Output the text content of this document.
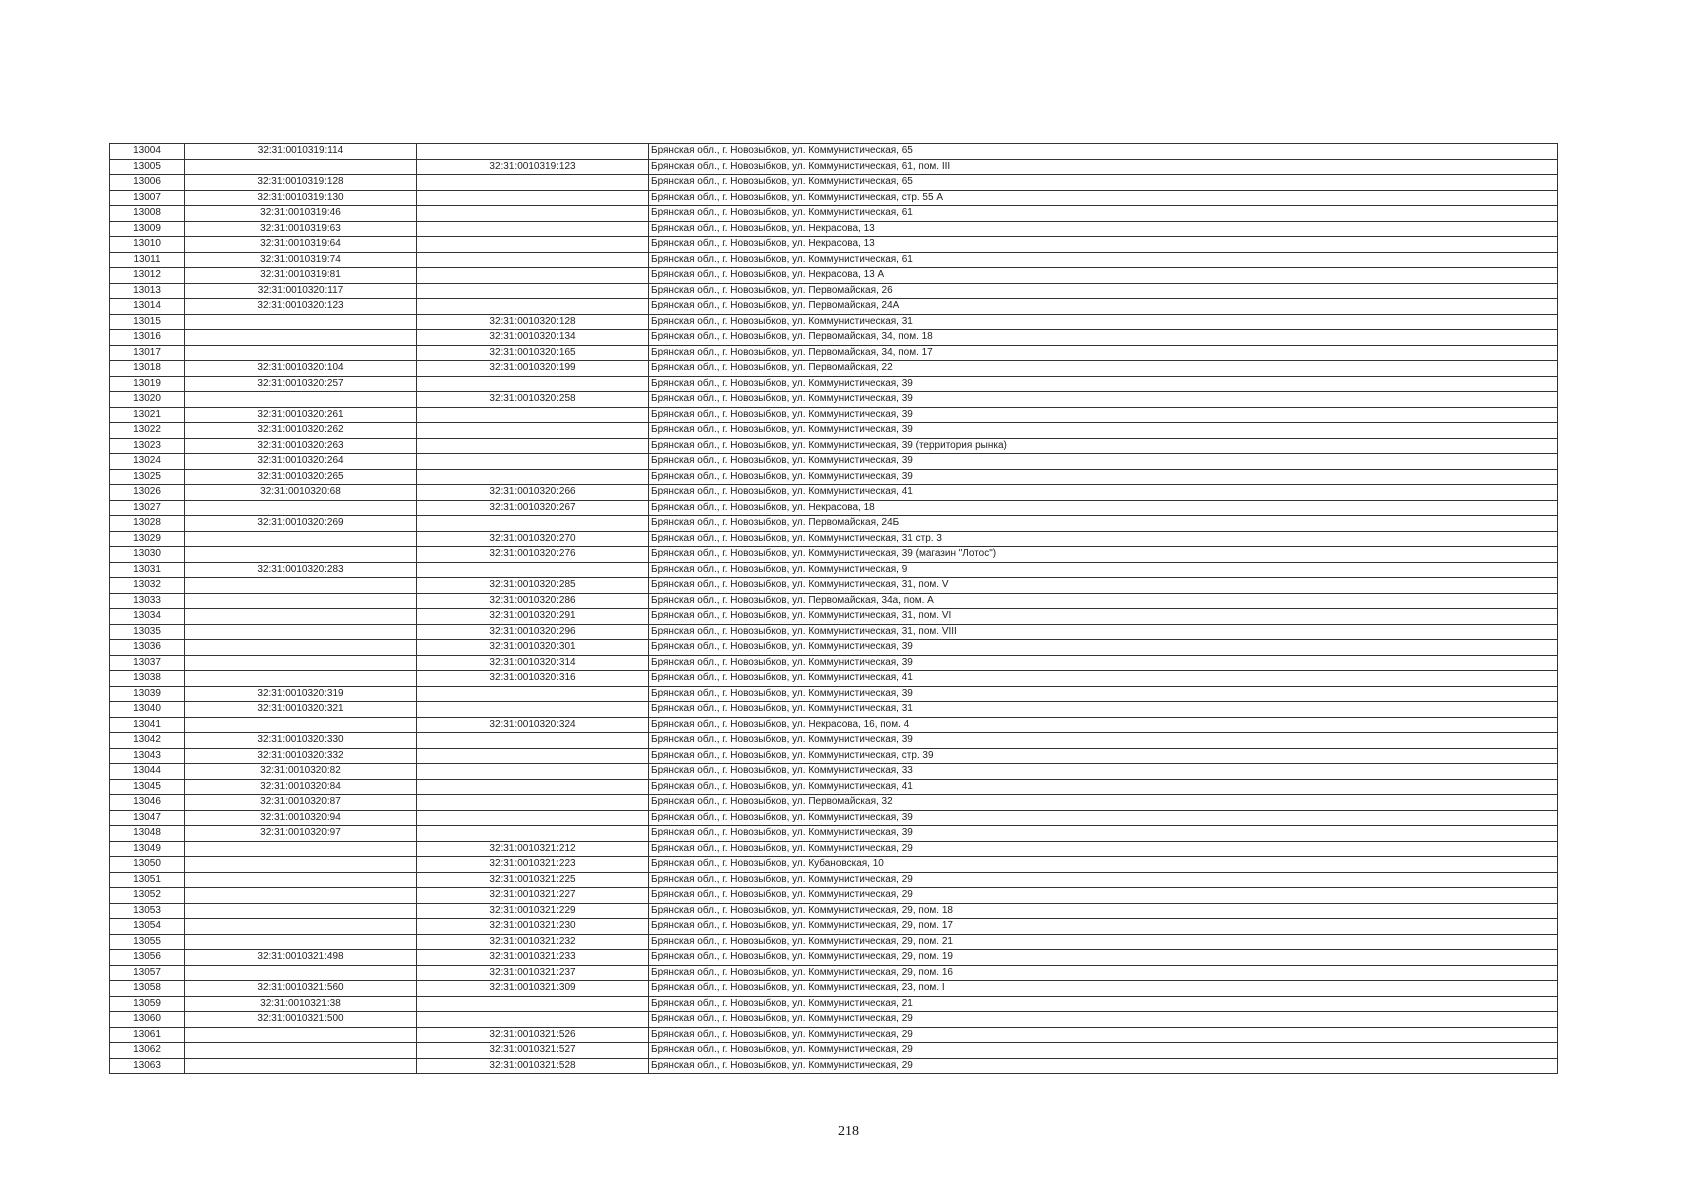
13004	32:31:0010319:114		Брянская обл., г. Новозыбков, ул. Коммунистическая, 65
13005		32:31:0010319:123	Брянская обл., г. Новозыбков, ул. Коммунистическая, 61, пом. III
13006	32:31:0010319:128		Брянская обл., г. Новозыбков, ул. Коммунистическая, 65
13007	32:31:0010319:130		Брянская обл., г. Новозыбков, ул. Коммунистическая, стр. 55 А
13008	32:31:0010319:46		Брянская обл., г. Новозыбков, ул. Коммунистическая, 61
13009	32:31:0010319:63		Брянская обл., г. Новозыбков, ул. Некрасова, 13
13010	32:31:0010319:64		Брянская обл., г. Новозыбков, ул. Некрасова, 13
13011	32:31:0010319:74		Брянская обл., г. Новозыбков, ул. Коммунистическая, 61
13012	32:31:0010319:81		Брянская обл., г. Новозыбков, ул. Некрасова, 13 А
13013	32:31:0010320:117		Брянская обл., г. Новозыбков, ул. Первомайская, 26
13014	32:31:0010320:123		Брянская обл., г. Новозыбков, ул. Первомайская, 24А
13015		32:31:0010320:128	Брянская обл., г. Новозыбков, ул. Коммунистическая, 31
13016		32:31:0010320:134	Брянская обл., г. Новозыбков, ул. Первомайская, 34, пом. 18
13017		32:31:0010320:165	Брянская обл., г. Новозыбков, ул. Первомайская, 34, пом. 17
13018	32:31:0010320:104	32:31:0010320:199	Брянская обл., г. Новозыбков, ул. Первомайская, 22
13019	32:31:0010320:257		Брянская обл., г. Новозыбков, ул. Коммунистическая, 39
13020		32:31:0010320:258	Брянская обл., г. Новозыбков, ул. Коммунистическая, 39
13021	32:31:0010320:261		Брянская обл., г. Новозыбков, ул. Коммунистическая, 39
13022	32:31:0010320:262		Брянская обл., г. Новозыбков, ул. Коммунистическая, 39
13023	32:31:0010320:263		Брянская обл., г. Новозыбков, ул. Коммунистическая, 39 (территория рынка)
13024	32:31:0010320:264		Брянская обл., г. Новозыбков, ул. Коммунистическая, 39
13025	32:31:0010320:265		Брянская обл., г. Новозыбков, ул. Коммунистическая, 39
13026	32:31:0010320:68	32:31:0010320:266	Брянская обл., г. Новозыбков, ул. Коммунистическая, 41
13027		32:31:0010320:267	Брянская обл., г. Новозыбков, ул. Некрасова, 18
13028	32:31:0010320:269		Брянская обл., г. Новозыбков, ул. Первомайская, 24Б
13029		32:31:0010320:270	Брянская обл., г. Новозыбков, ул. Коммунистическая, 31 стр. 3
13030		32:31:0010320:276	Брянская обл., г. Новозыбков, ул. Коммунистическая, 39 (магазин "Лотос")
13031	32:31:0010320:283		Брянская обл., г. Новозыбков, ул. Коммунистическая, 9
13032		32:31:0010320:285	Брянская обл., г. Новозыбков, ул. Коммунистическая, 31, пом. V
13033		32:31:0010320:286	Брянская обл., г. Новозыбков, ул. Первомайская, 34а, пом. А
13034		32:31:0010320:291	Брянская обл., г. Новозыбков, ул. Коммунистическая, 31, пом. VI
13035		32:31:0010320:296	Брянская обл., г. Новозыбков, ул. Коммунистическая, 31, пом. VIII
13036		32:31:0010320:301	Брянская обл., г. Новозыбков, ул. Коммунистическая, 39
13037		32:31:0010320:314	Брянская обл., г. Новозыбков, ул. Коммунистическая, 39
13038		32:31:0010320:316	Брянская обл., г. Новозыбков, ул. Коммунистическая, 41
13039	32:31:0010320:319		Брянская обл., г. Новозыбков, ул. Коммунистическая, 39
13040	32:31:0010320:321		Брянская обл., г. Новозыбков, ул. Коммунистическая, 31
13041		32:31:0010320:324	Брянская обл., г. Новозыбков, ул. Некрасова, 16, пом. 4
13042	32:31:0010320:330		Брянская обл., г. Новозыбков, ул. Коммунистическая, 39
13043	32:31:0010320:332		Брянская обл., г. Новозыбков, ул. Коммунистическая, стр. 39
13044	32:31:0010320:82		Брянская обл., г. Новозыбков, ул. Коммунистическая, 33
13045	32:31:0010320:84		Брянская обл., г. Новозыбков, ул. Коммунистическая, 41
13046	32:31:0010320:87		Брянская обл., г. Новозыбков, ул. Первомайская, 32
13047	32:31:0010320:94		Брянская обл., г. Новозыбков, ул. Коммунистическая, 39
13048	32:31:0010320:97		Брянская обл., г. Новозыбков, ул. Коммунистическая, 39
13049		32:31:0010321:212	Брянская обл., г. Новозыбков, ул. Коммунистическая, 29
13050		32:31:0010321:223	Брянская обл., г. Новозыбков, ул. Кубановская, 10
13051		32:31:0010321:225	Брянская обл., г. Новозыбков, ул. Коммунистическая, 29
13052		32:31:0010321:227	Брянская обл., г. Новозыбков, ул. Коммунистическая, 29
13053		32:31:0010321:229	Брянская обл., г. Новозыбков, ул. Коммунистическая, 29, пом. 18
13054		32:31:0010321:230	Брянская обл., г. Новозыбков, ул. Коммунистическая, 29, пом. 17
13055		32:31:0010321:232	Брянская обл., г. Новозыбков, ул. Коммунистическая, 29, пом. 21
13056	32:31:0010321:498	32:31:0010321:233	Брянская обл., г. Новозыбков, ул. Коммунистическая, 29, пом. 19
13057		32:31:0010321:237	Брянская обл., г. Новозыбков, ул. Коммунистическая, 29, пом. 16
13058	32:31:0010321:560	32:31:0010321:309	Брянская обл., г. Новозыбков, ул. Коммунистическая, 23, пом. I
13059	32:31:0010321:38		Брянская обл., г. Новозыбков, ул. Коммунистическая, 21
13060	32:31:0010321:500		Брянская обл., г. Новозыбков, ул. Коммунистическая, 29
13061		32:31:0010321:526	Брянская обл., г. Новозыбков, ул. Коммунистическая, 29
13062		32:31:0010321:527	Брянская обл., г. Новозыбков, ул. Коммунистическая, 29
13063		32:31:0010321:528	Брянская обл., г. Новозыбков, ул. Коммунистическая, 29
218
